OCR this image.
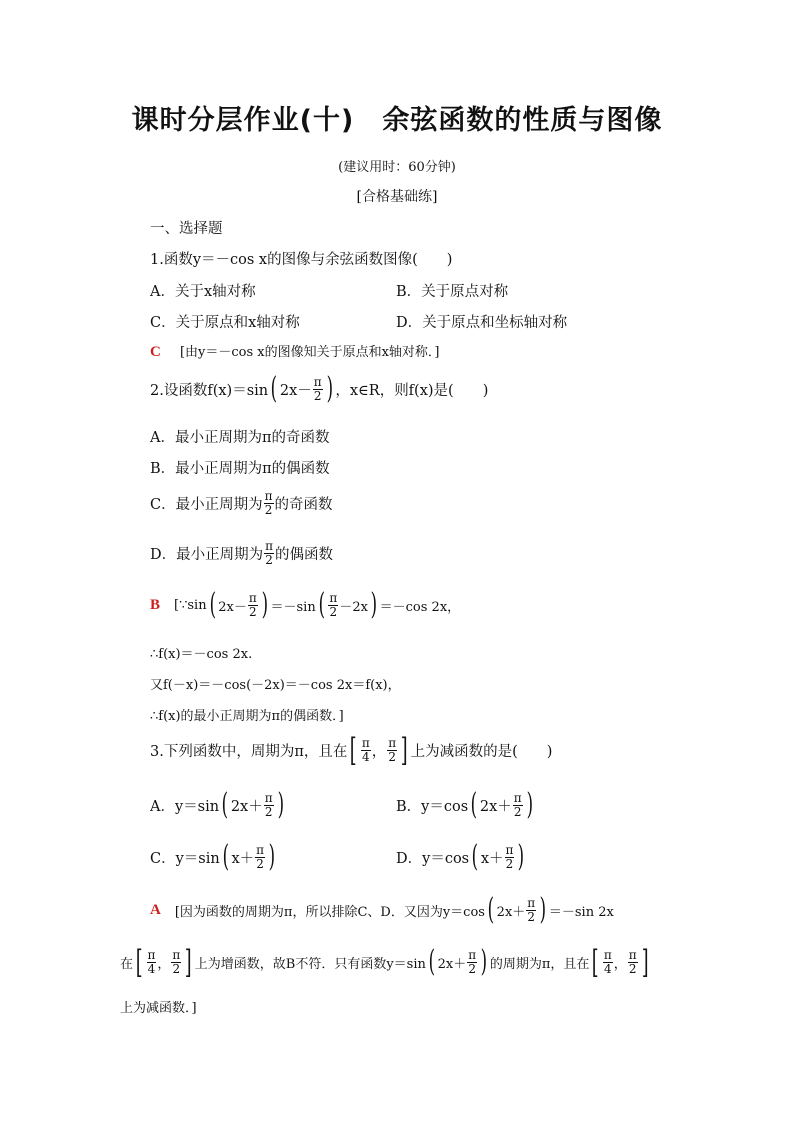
课时分层作业(十)　余弦函数的性质与图像
(建议用时：60分钟)
[合格基础练]
一、选择题
1.函数y＝－cos x的图像与余弦函数图像(　　)
A．关于x轴对称	B．关于原点对称
C．关于原点和x轴对称	D．关于原点和坐标轴对称
C [由y＝－cos x的图像知关于原点和x轴对称．]
2.设函数f(x)＝sin ( $2x- \frac{\pi}{2}$ ) ，x∈R，则f(x)是(　　)
A．最小正周期为π的奇函数
B．最小正周期为π的偶函数
C．最小正周期为 $\frac{\pi}{2}$ 的奇函数
D．最小正周期为 $\frac{\pi}{2}$ 的偶函数
B [∵sin ( $2x- \frac{\pi}{2}$ ) ＝－sin ( $\frac{\pi}{2} -2x$ ) ＝－cos 2x，
∴f(x)＝－cos 2x.
又f(－x)＝－cos(－2x)＝－cos 2x＝f(x)，
∴f(x)的最小正周期为π的偶函数．]
3.下列函数中，周期为π，且在 [ $\frac{\pi}{4}$ ， $\frac{\pi}{2}$ ] 上为减函数的是(　　)
A．y＝sin ( $2x+ \frac{\pi}{2}$ )	B．y＝cos ( $2x+ \frac{\pi}{2}$ )
C．y＝sin ( $x+ \frac{\pi}{2}$ )	D．y＝cos ( $x+ \frac{\pi}{2}$ )
A [因为函数的周期为π，所以排除C、D．又因为y＝cos ( $2x+ \frac{\pi}{2}$ ) ＝－sin 2x
在 [ $\frac{\pi}{4}$ ， $\frac{\pi}{2}$ ] 上为增函数，故B不符．只有函数y＝sin ( $2x+ \frac{\pi}{2}$ ) 的周期为π，且在 [ $\frac{\pi}{4}$ ， $\frac{\pi}{2}$ ]
上为减函数．]
